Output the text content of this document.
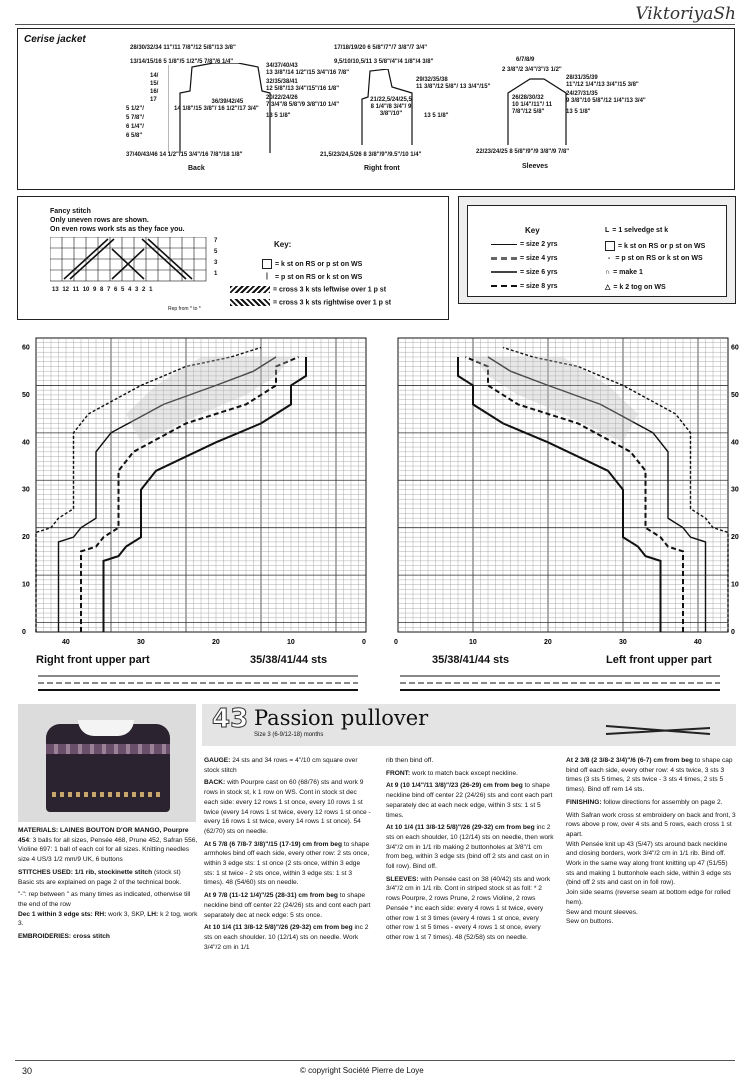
ViktoriyaSh
Cerise jacket
28/30/32/34 11"/11 7/8"/12 5/8"/13 3/8"
13/14/15/16 5 1/8"/5 1/2"/5 7/8"/6 1/4"
14/
15/
16/
17
5 1/2"/
5 7/8"/
6 1/4"/
6 5/8"
36/39/42/45
14 1/8"/15 3/8"/ 16 1/2"/17 3/4"
34/37/40/43
13 3/8"/14 1/2"/15 3/4"/16 7/8"
32/35/38/41
12 5/8"/13 3/4"/15"/16 1/8"
20/22/24/26
7 3/4"/8 5/8"/9 3/8"/10 1/4"
13 5 1/8"
37/40/43/46 14 1/2"/15 3/4"/16 7/8"/18 1/8"
Back
17/18/19/20 6 5/8"/7"/7 3/8"/7 3/4"
9,5/10/10,5/11 3 5/8"/4"/4 1/8"/4 3/8"
29/32/35/38
11 3/8"/12 5/8"/ 13 3/4"/15"
21/22,5/24/25,5
8 1/4"/8 3/4"/ 9 3/8"/10"	13 5 1/8"
21,5/23/24,5/26 8 3/8"/9"/9.5"/10 1/4"
Right front
6/7/8/9
2 3/8"/2 3/4"/3"/3 1/2"
28/31/35/39
11"/12 1/4"/13 3/4"/15 3/8"
24/27/31/35
9 3/8"/10 5/8"/12 1/4"/13 3/4"
13 5 1/8"
26/28/30/32
10 1/4"/11"/ 11 7/8"/12 5/8"
22/23/24/25 8 5/8"/9"/9 3/8"/9 7/8"
Sleeves
Fancy stitch
Only uneven rows are shown.
On even rows work sts as they face you.
7
5
3
1
13 12 11 10 9 8 7 6 5 4 3 2 1
Rep from * to *
Key:
= k st on RS or p st on WS
| = p st on RS or k st on WS
= cross 3 k sts leftwise over 1 p st
= cross 3 k sts rightwise over 1 p st
Key
= size 2 yrs
= size 4 yrs
= size 6 yrs
= size 8 yrs
L = 1 selvedge st k
= k st on RS or p st on WS
- = p st on RS or k st on WS
∩ = make 1
△ = k 2 tog on WS
60
50
40
30
20
10
0
40	30	20	10	0
60
50
40
30
20
10
0
0	10	20	30	40
Right front upper part	35/38/41/44 sts	35/38/41/44 sts	Left front upper part
43 Passion pullover
Size 3 (6-9/12-18) months

MATERIALS: LAINES BOUTON D'OR MANGO, Pourpre 454: 3 balls for all sizes, Pensée 468, Prune 452, Safran 556, Violine 697: 1 ball of each col for all sizes. Knitting needles size 4 US/3 1/2 mm/9 UK, 6 buttons

STITCHES USED: 1/1 rib, stockinette stitch (stock st)
Basic sts are explained on page 2 of the technical book.

"-": rep between " as many times as indicated, otherwise till the end of the row
Dec 1 within 3 edge sts: RH: work 3, SKP, LH: k 2 tog, work 3.

EMBROIDERIES: cross stitch

GAUGE: 24 sts and 34 rows = 4"/10 cm square over stock stitch

BACK: with Pourpre cast on 60 (68/76) sts and work 9 rows in stock st, k 1 row on WS. Cont in stock st dec each side: every 12 rows 1 st once, every 10 rows 1 st twice (every 14 rows 1 st twice, every 12 rows 1 st once - every 16 rows 1 st twice, every 14 rows 1 st once). 54 (62/70) sts on needle.

At 5 7/8 (6 7/8-7 3/8)"/15 (17-19) cm from beg to shape armholes bind off each side, every other row: 2 sts once, within 3 edge sts: 1 st once (2 sts once, within 3 edge sts: 1 st twice - 2 sts once, within 3 edge sts: 1 st 3 times). 48 (54/60) sts on needle.

At 9 7/8 (11-12 1/4)"/25 (28-31) cm from beg to shape neckline bind off center 22 (24/26) sts and cont each part separately dec at neck edge: 5 sts once.

At 10 1/4 (11 3/8-12 5/8)"/26 (29-32) cm from beg inc 2 sts on each shoulder. 10 (12/14) sts on needle. Work 3/4"/2 cm in 1/1

rib then bind off.

FRONT: work to match back except neckline.

At 9 (10 1/4"/11 3/8)"/23 (26-29) cm from beg to shape neckline bind off center 22 (24/26) sts and cont each part separately dec at each neck edge, within 3 sts: 1 st 5 times.

At 10 1/4 (11 3/8-12 5/8)"/26 (29-32) cm from beg inc 2 sts on each shoulder, 10 (12/14) sts on needle, then work 3/4"/2 cm in 1/1 rib making 2 buttonholes at 3/8"/1 cm from beg, within 3 edge sts (bind off 2 sts and cast on in foll row). Bind off.

SLEEVES: with Pensée cast on 38 (40/42) sts and work 3/4"/2 cm in 1/1 rib. Cont in striped stock st as foll: * 2 rows Pourpre, 2 rows Prune, 2 rows Violine, 2 rows Pensée * inc each side: every 4 rows 1 st twice, every other row 1 st 3 times (every 4 rows 1 st once, every other row 1 st 5 times - every 4 rows 1 st once, every other row 1 st 7 times). 48 (52/58) sts on needle.

At 2 3/8 (2 3/8-2 3/4)"/6 (6-7) cm from beg to shape cap bind off each side, every other row: 4 sts twice, 3 sts 3 times (3 sts 5 times, 2 sts twice - 3 sts 4 times, 2 sts 5 times). Bind off rem 14 sts.

FINISHING: follow directions for assembly on page 2.

With Safran work cross st embroidery on back and front, 3 rows above p row, over 4 sts and 5 rows, each cross 1 st apart.

With Pensée knit up 43 (5/47) sts around back neckline and closing borders, work 3/4"/2 cm in 1/1 rib. Bind off.

Work in the same way along front knitting up 47 (51/55) sts and making 1 buttonhole each side, within 3 edge sts (bind off 2 sts and cast on in foll row).

Join side seams (reverse seam at bottom edge for rolled hem).

Sew and mount sleeves.

Sew on buttons.

30	© copyright Société Pierre de Loye
